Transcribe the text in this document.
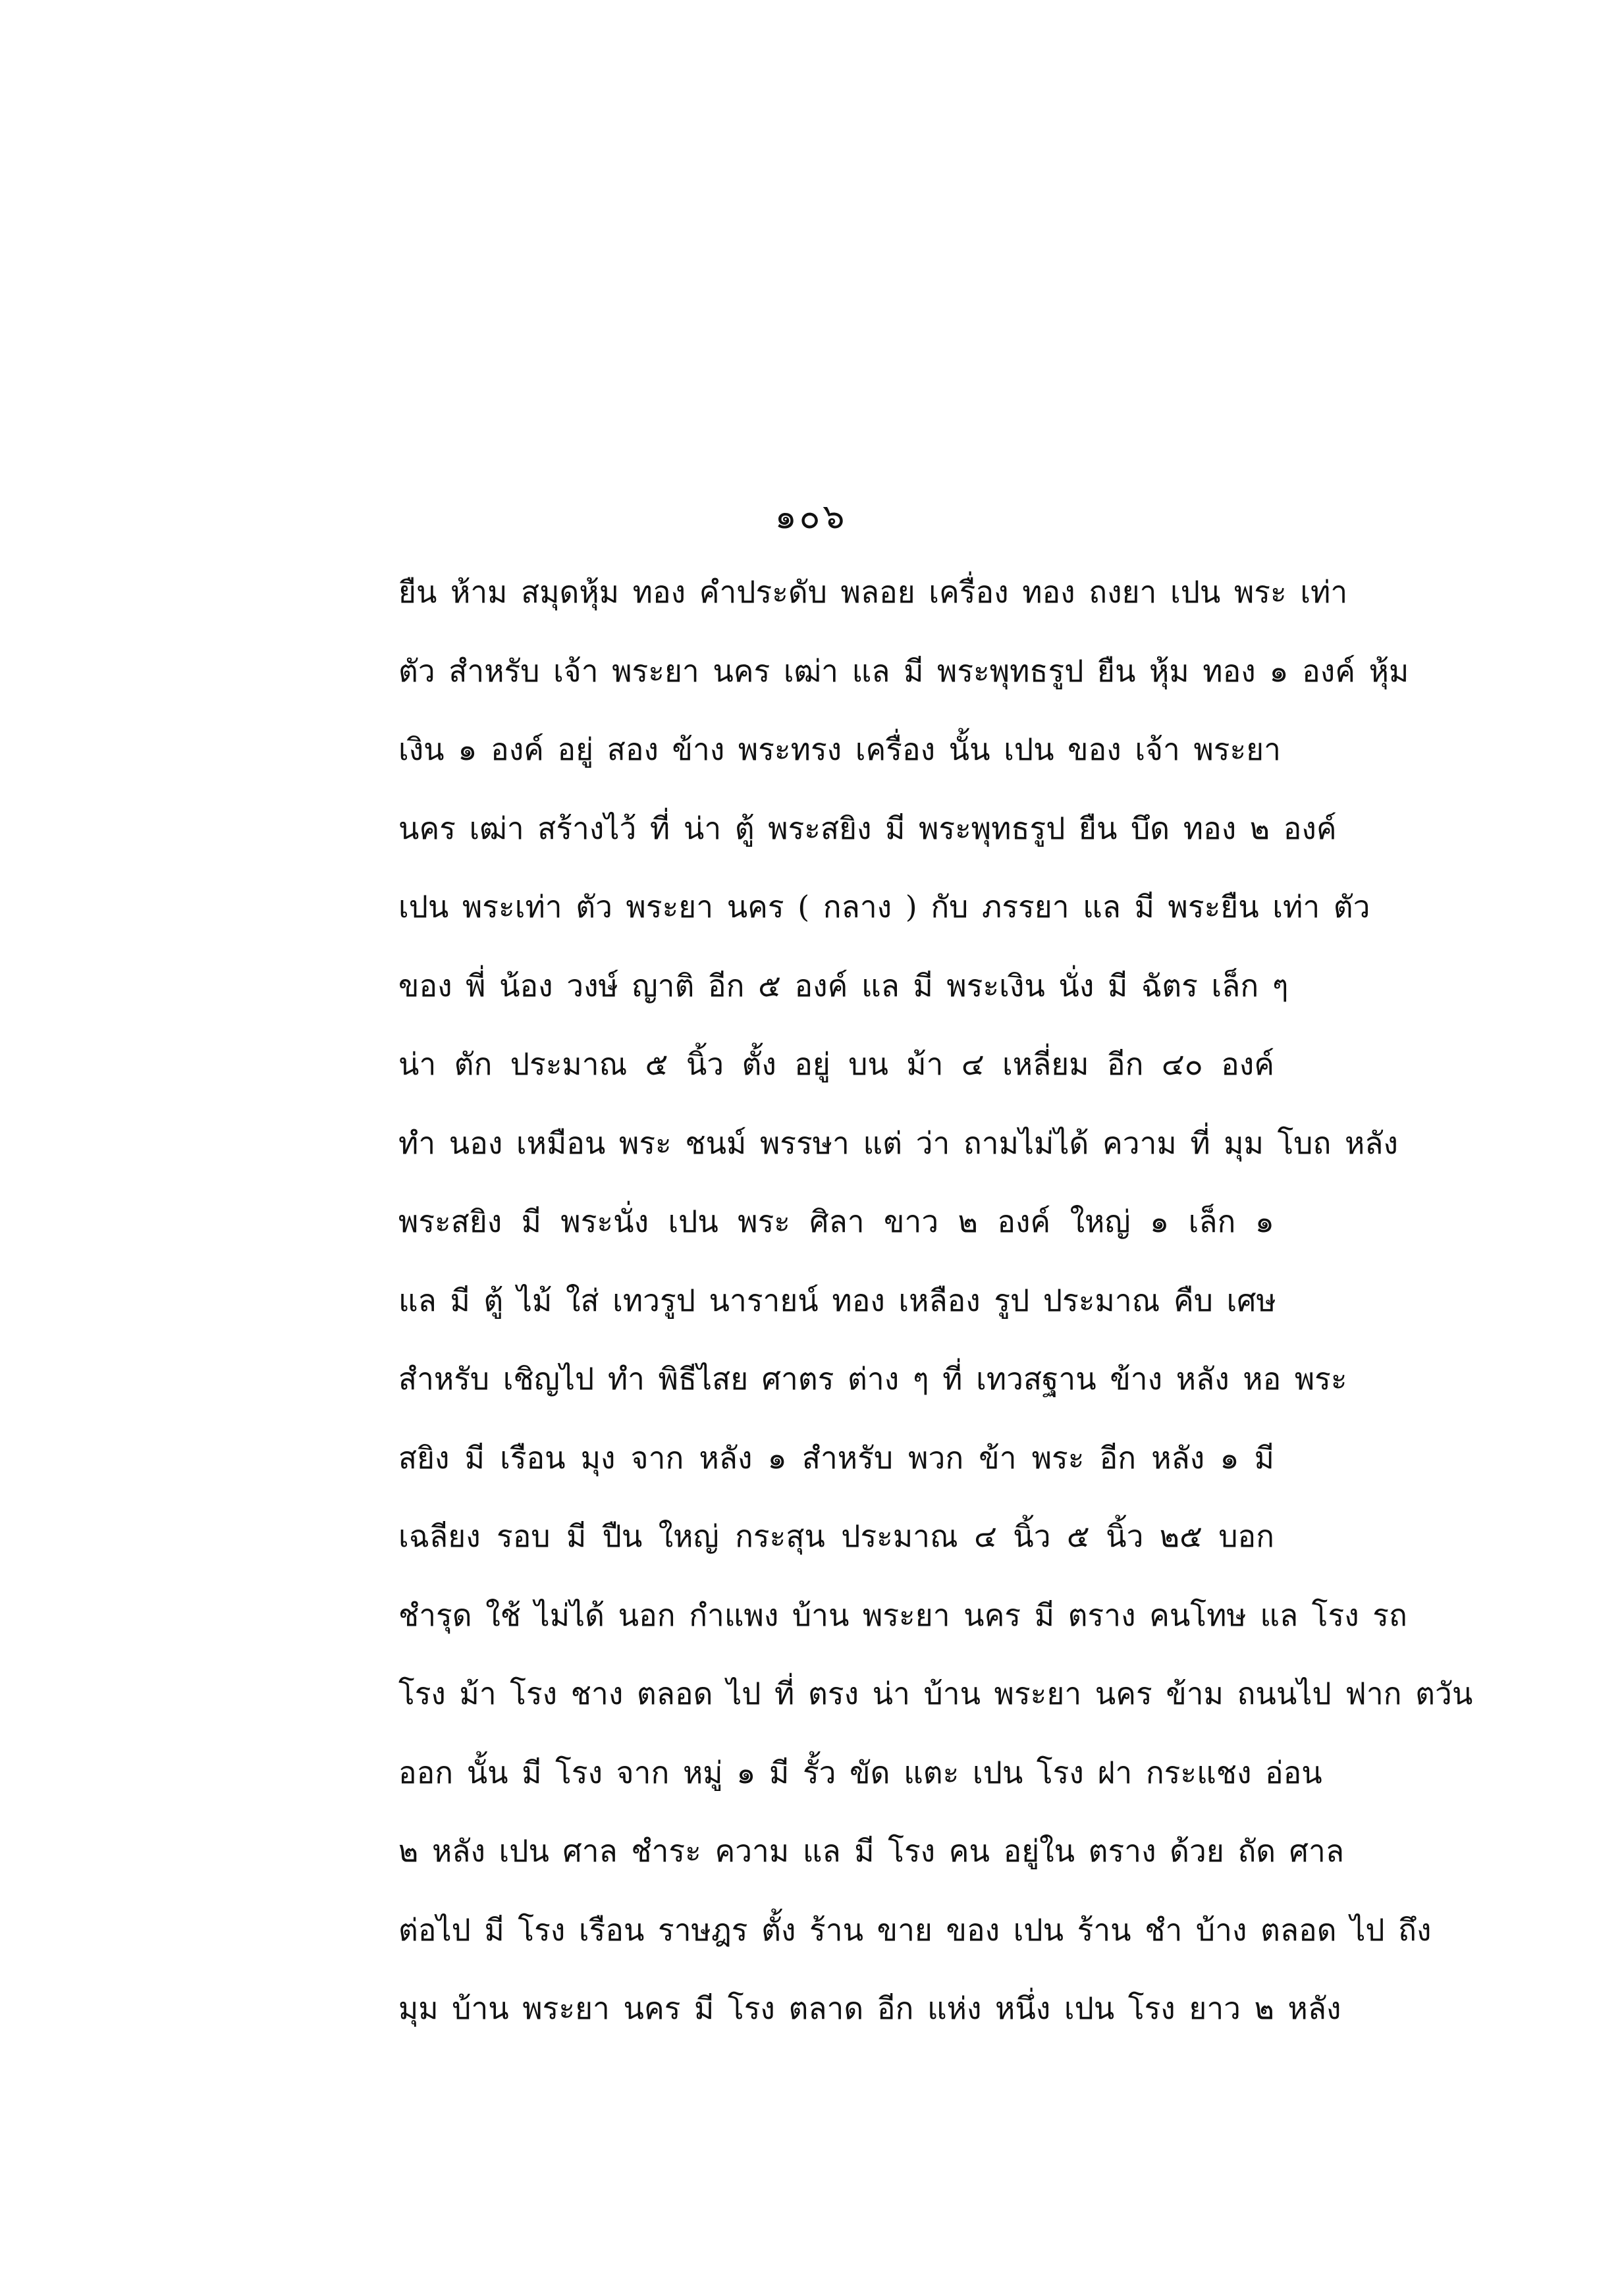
๑๐๖
ยืน ห้าม สมุดหุ้ม ทอง คำประดับ พลอย เครื่อง ทอง ถงยา เปน พระ เท่า
ตัว สำหรับ เจ้า พระยา นคร เฒ่า แล มี พระพุทธรูป ยืน หุ้ม ทอง ๑ องค์ หุ้ม
เงิน ๑ องค์ อยู่ สอง ข้าง พระทรง เครื่อง นั้น เปน ของ เจ้า พระยา
นคร เฒ่า สร้างไว้ ที่ น่า ตู้ พระสยิง มี พระพุทธรูป ยืน บึด ทอง ๒ องค์
เปน พระเท่า ตัว พระยา นคร ( กลาง ) กับ ภรรยา แล มี พระยืน เท่า ตัว
ของ พี่ น้อง วงษ์ ญาติ อีก ๕ องค์ แล มี พระเงิน นั่ง มี ฉัตร เล็ก ๆ
น่า ตัก ประมาณ ๕ นิ้ว ตั้ง อยู่ บน ม้า ๔ เหลี่ยม อีก ๔๐ องค์
ทำ นอง เหมือน พระ ชนม์ พรรษา แต่ ว่า ถามไม่ได้ ความ ที่ มุม โบถ หลัง
พระสยิง มี พระนั่ง เปน พระ ศิลา ขาว ๒ องค์ ใหญ่ ๑ เล็ก ๑
แล มี ตู้ ไม้ ใส่ เทวรูป นารายน์ ทอง เหลือง รูป ประมาณ คืบ เศษ
สำหรับ เชิญไป ทำ พิธีไสย ศาตร ต่าง ๆ ที่ เทวสฐาน ข้าง หลัง หอ พระ
สยิง มี เรือน มุง จาก หลัง ๑ สำหรับ พวก ข้า พระ อีก หลัง ๑ มี
เฉลียง รอบ มี ปืน ใหญ่ กระสุน ประมาณ ๔ นิ้ว ๕ นิ้ว ๒๕ บอก
ชำรุด ใช้ ไม่ได้ นอก กำแพง บ้าน พระยา นคร มี ตราง คนโทษ แล โรง รถ
โรง ม้า โรง ชาง ตลอด ไป ที่ ตรง น่า บ้าน พระยา นคร ข้าม ถนนไป ฟาก ตวัน
ออก นั้น มี โรง จาก หมู่ ๑ มี รั้ว ขัด แตะ เปน โรง ฝา กระแชง อ่อน
๒ หลัง เปน ศาล ชำระ ความ แล มี โรง คน อยู่ใน ตราง ด้วย ถัด ศาล
ต่อไป มี โรง เรือน ราษฎร ตั้ง ร้าน ขาย ของ เปน ร้าน ชำ บ้าง ตลอด ไป ถึง
มุม บ้าน พระยา นคร มี โรง ตลาด อีก แห่ง หนึ่ง เปน โรง ยาว ๒ หลัง
